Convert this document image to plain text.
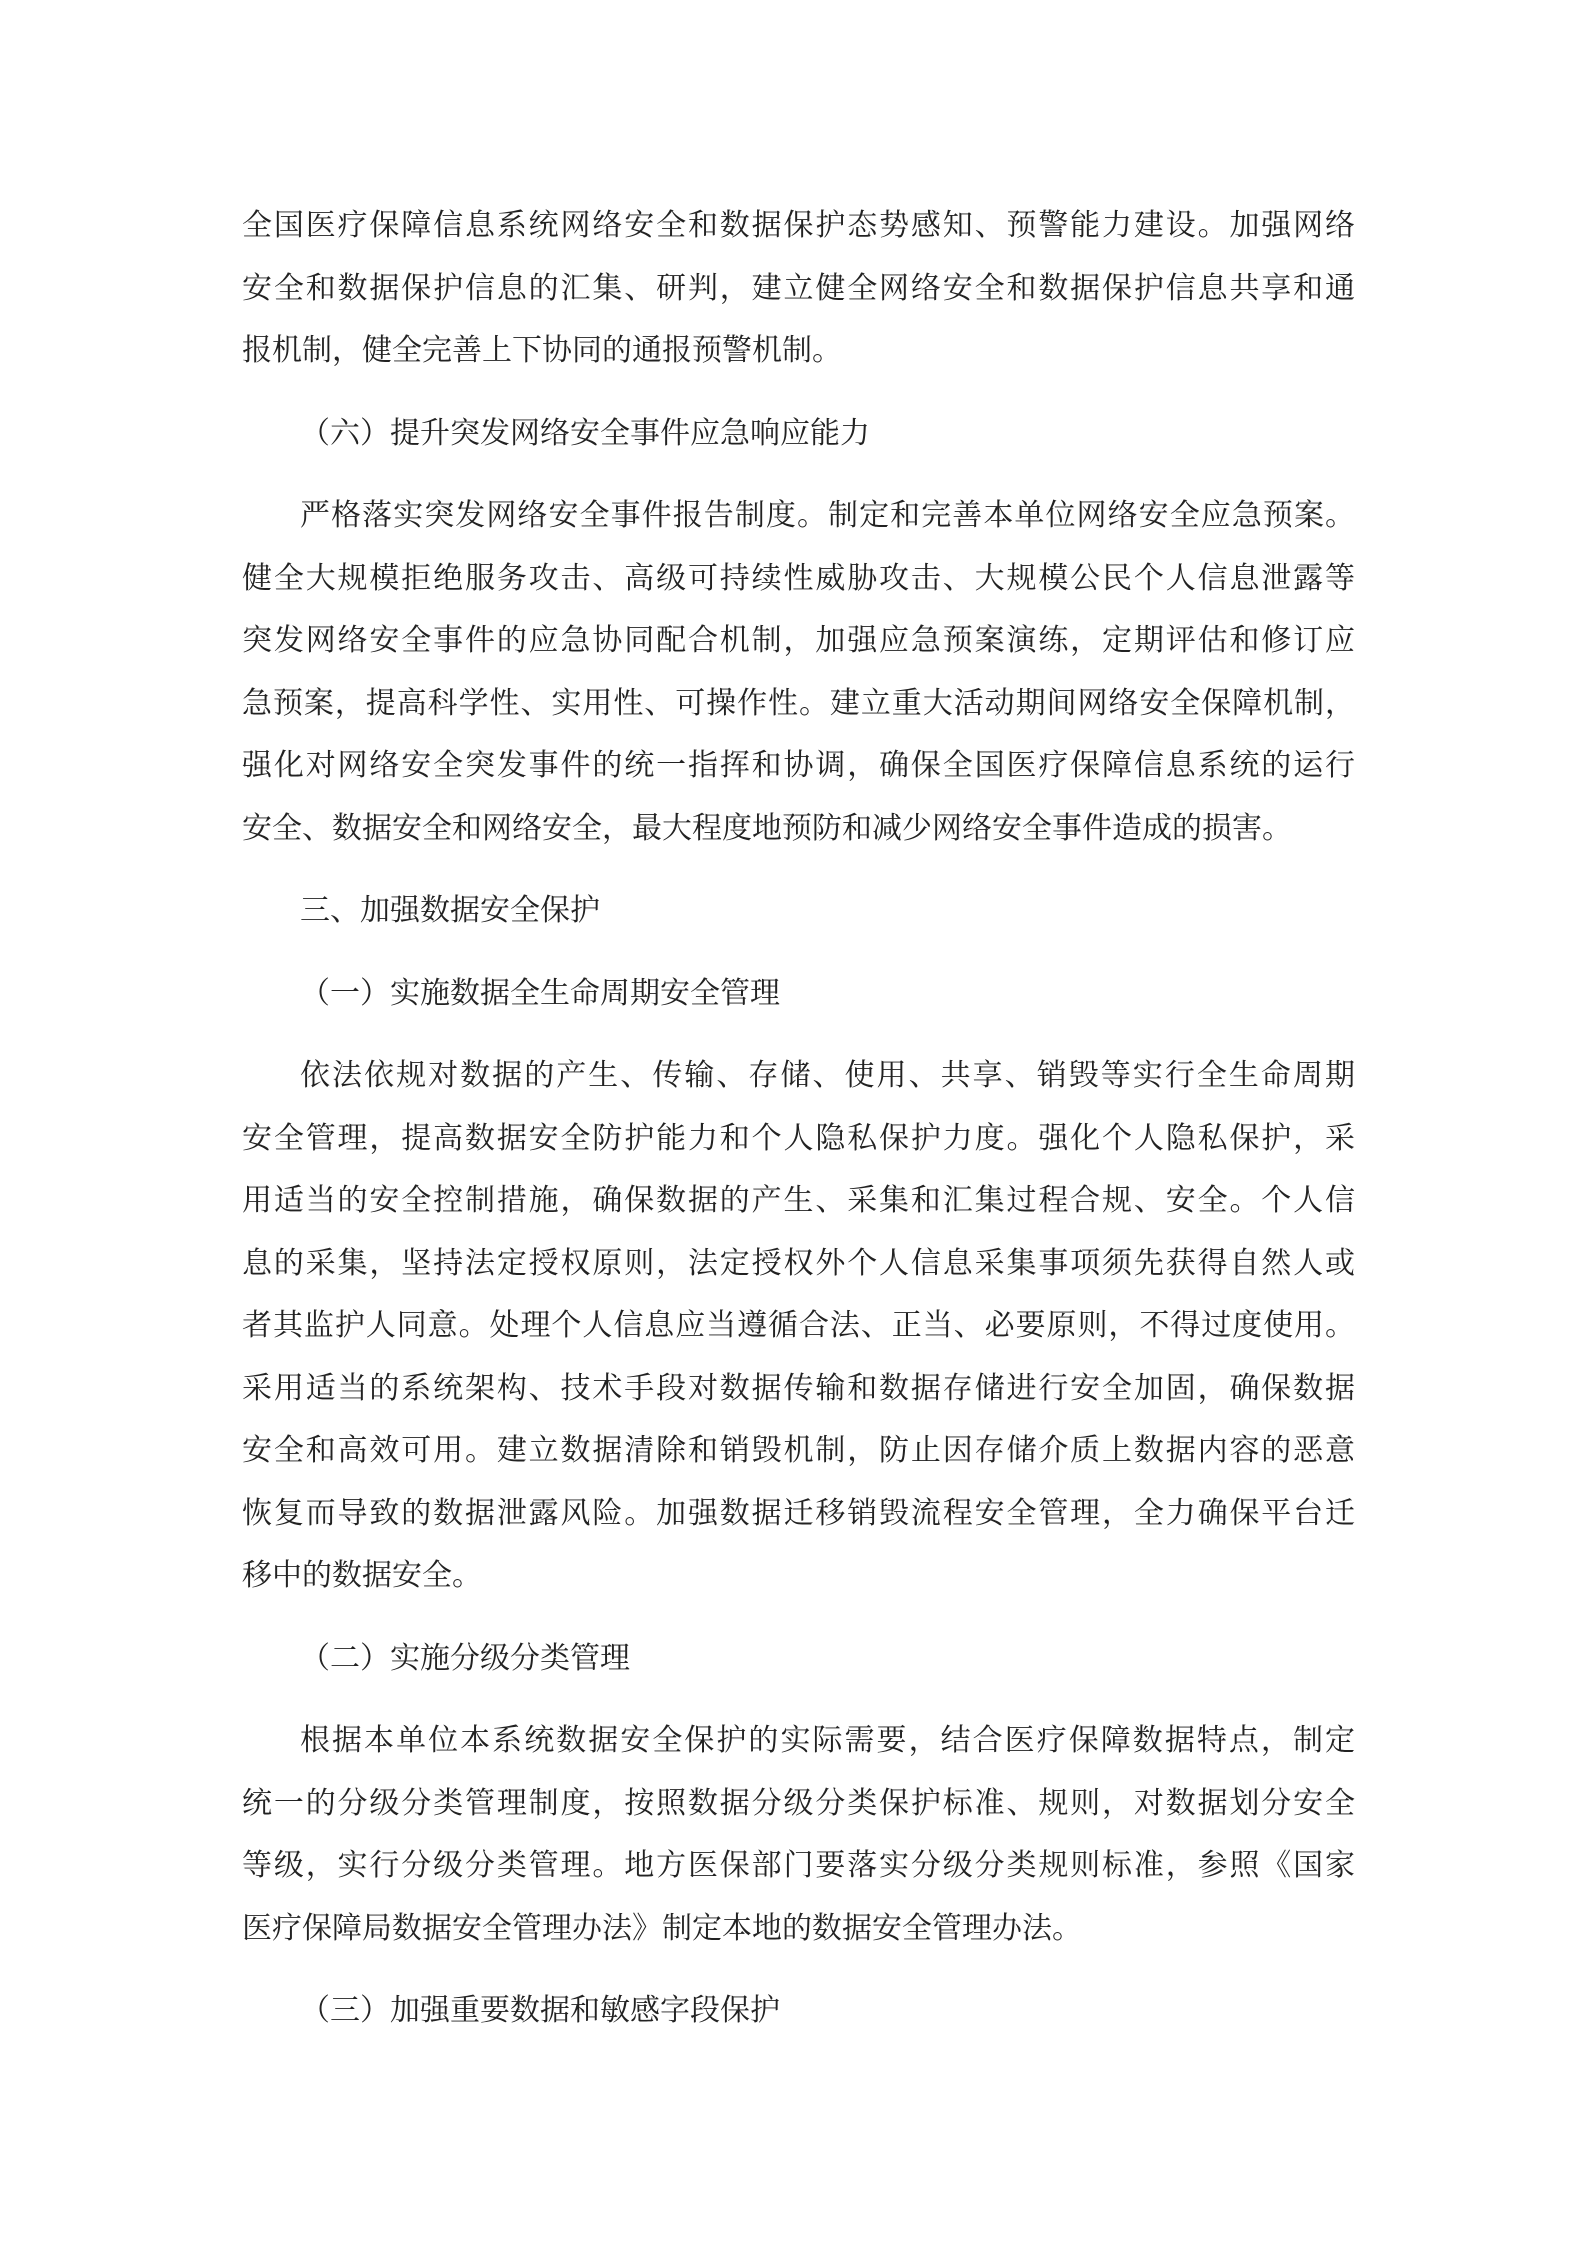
全国医疗保障信息系统网络安全和数据保护态势感知、预警能力建设。加强网络
安全和数据保护信息的汇集、研判，建立健全网络安全和数据保护信息共享和通
报机制，健全完善上下协同的通报预警机制。
（六）提升突发网络安全事件应急响应能力
严格落实突发网络安全事件报告制度。制定和完善本单位网络安全应急预案。
健全大规模拒绝服务攻击、高级可持续性威胁攻击、大规模公民个人信息泄露等
突发网络安全事件的应急协同配合机制，加强应急预案演练，定期评估和修订应
急预案，提高科学性、实用性、可操作性。建立重大活动期间网络安全保障机制，
强化对网络安全突发事件的统一指挥和协调，确保全国医疗保障信息系统的运行
安全、数据安全和网络安全，最大程度地预防和减少网络安全事件造成的损害。
三、加强数据安全保护
（一）实施数据全生命周期安全管理
依法依规对数据的产生、传输、存储、使用、共享、销毁等实行全生命周期
安全管理，提高数据安全防护能力和个人隐私保护力度。强化个人隐私保护，采
用适当的安全控制措施，确保数据的产生、采集和汇集过程合规、安全。个人信
息的采集，坚持法定授权原则，法定授权外个人信息采集事项须先获得自然人或
者其监护人同意。处理个人信息应当遵循合法、正当、必要原则，不得过度使用。
采用适当的系统架构、技术手段对数据传输和数据存储进行安全加固，确保数据
安全和高效可用。建立数据清除和销毁机制，防止因存储介质上数据内容的恶意
恢复而导致的数据泄露风险。加强数据迁移销毁流程安全管理，全力确保平台迁
移中的数据安全。
（二）实施分级分类管理
根据本单位本系统数据安全保护的实际需要，结合医疗保障数据特点，制定
统一的分级分类管理制度，按照数据分级分类保护标准、规则，对数据划分安全
等级，实行分级分类管理。地方医保部门要落实分级分类规则标准，参照《国家
医疗保障局数据安全管理办法》制定本地的数据安全管理办法。
（三）加强重要数据和敏感字段保护
